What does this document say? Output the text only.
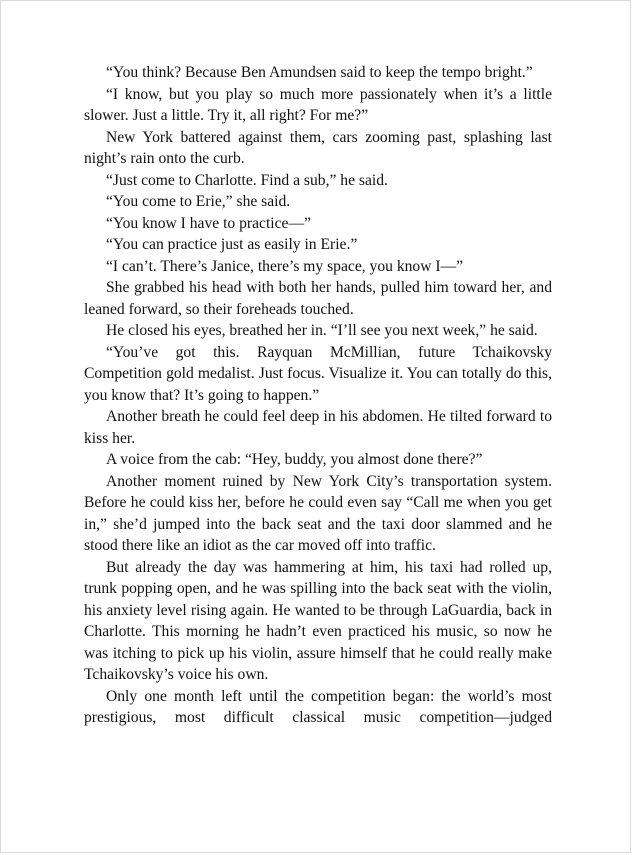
“You think? Because Ben Amundsen said to keep the tempo bright.”

“I know, but you play so much more passionately when it’s a little slower. Just a little. Try it, all right? For me?”

New York battered against them, cars zooming past, splashing last night’s rain onto the curb.

“Just come to Charlotte. Find a sub,” he said.

“You come to Erie,” she said.

“You know I have to practice—”

“You can practice just as easily in Erie.”

“I can’t. There’s Janice, there’s my space, you know I—”

She grabbed his head with both her hands, pulled him toward her, and leaned forward, so their foreheads touched.

He closed his eyes, breathed her in. “I’ll see you next week,” he said.

“You’ve got this. Rayquan McMillian, future Tchaikovsky Competition gold medalist. Just focus. Visualize it. You can totally do this, you know that? It’s going to happen.”

Another breath he could feel deep in his abdomen. He tilted forward to kiss her.

A voice from the cab: “Hey, buddy, you almost done there?”

Another moment ruined by New York City’s transportation system. Before he could kiss her, before he could even say “Call me when you get in,” she’d jumped into the back seat and the taxi door slammed and he stood there like an idiot as the car moved off into traffic.

But already the day was hammering at him, his taxi had rolled up, trunk popping open, and he was spilling into the back seat with the violin, his anxiety level rising again. He wanted to be through LaGuardia, back in Charlotte. This morning he hadn’t even practiced his music, so now he was itching to pick up his violin, assure himself that he could really make Tchaikovsky’s voice his own.

Only one month left until the competition began: the world’s most prestigious, most difficult classical music competition—judged
